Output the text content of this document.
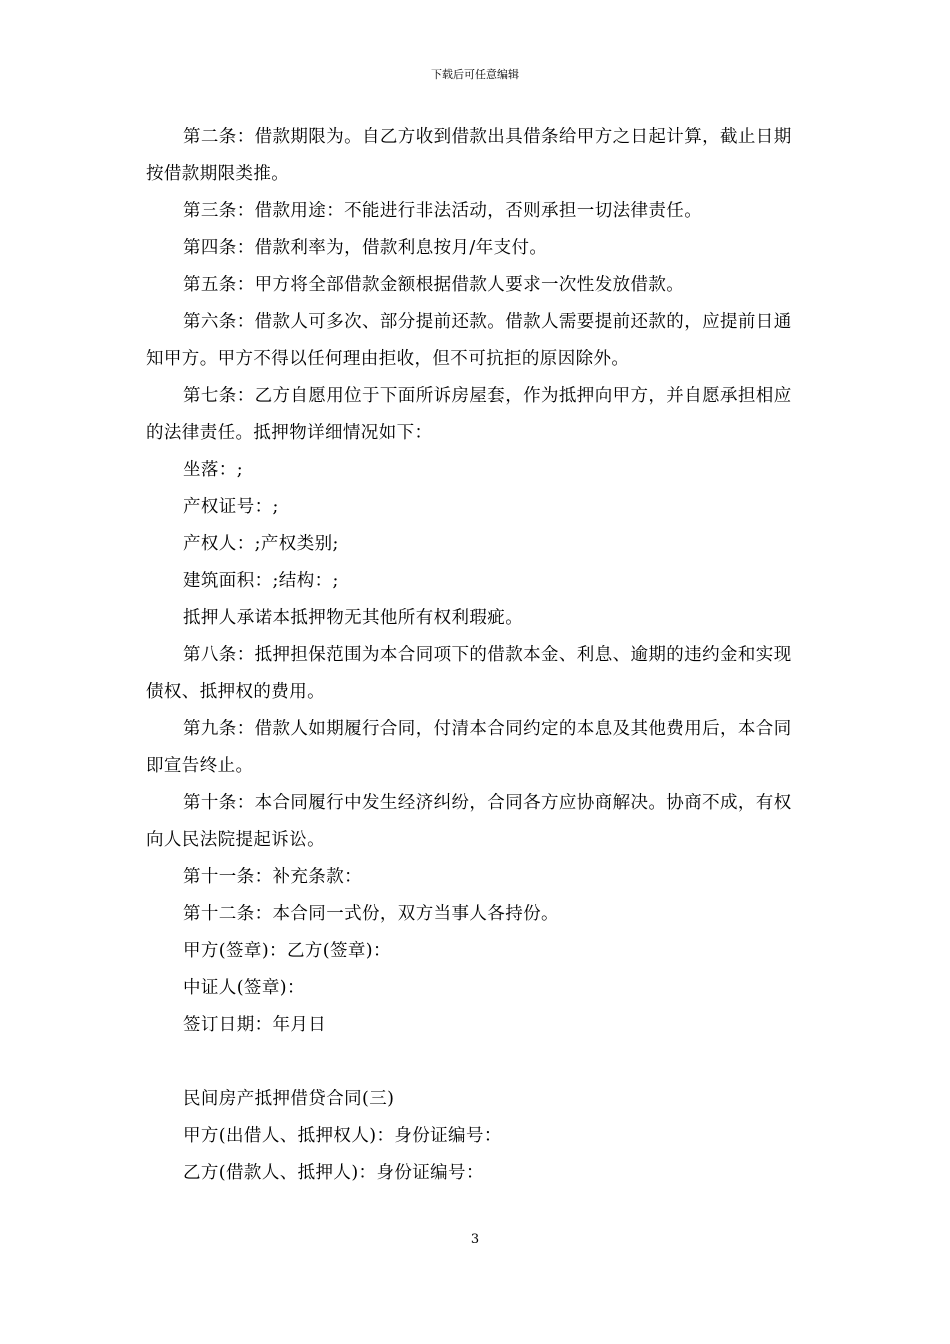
下载后可任意编辑

第二条：借款期限为。自乙方收到借款出具借条给甲方之日起计算，截止日期按借款期限类推。

第三条：借款用途：不能进行非法活动，否则承担一切法律责任。

第四条：借款利率为，借款利息按月/年支付。

第五条：甲方将全部借款金额根据借款人要求一次性发放借款。

第六条：借款人可多次、部分提前还款。借款人需要提前还款的，应提前日通知甲方。甲方不得以任何理由拒收，但不可抗拒的原因除外。

第七条：乙方自愿用位于下面所诉房屋套，作为抵押向甲方，并自愿承担相应的法律责任。抵押物详细情况如下：

坐落：;

产权证号：;

产权人：;产权类别;

建筑面积：;结构：;

抵押人承诺本抵押物无其他所有权利瑕疵。

第八条：抵押担保范围为本合同项下的借款本金、利息、逾期的违约金和实现债权、抵押权的费用。

第九条：借款人如期履行合同，付清本合同约定的本息及其他费用后，本合同即宣告终止。

第十条：本合同履行中发生经济纠纷，合同各方应协商解决。协商不成，有权向人民法院提起诉讼。

第十一条：补充条款：

第十二条：本合同一式份，双方当事人各持份。

甲方(签章)：乙方(签章)：

中证人(签章)：

签订日期：年月日

民间房产抵押借贷合同(三)

甲方(出借人、抵押权人)：身份证编号：

乙方(借款人、抵押人)：身份证编号：

3
